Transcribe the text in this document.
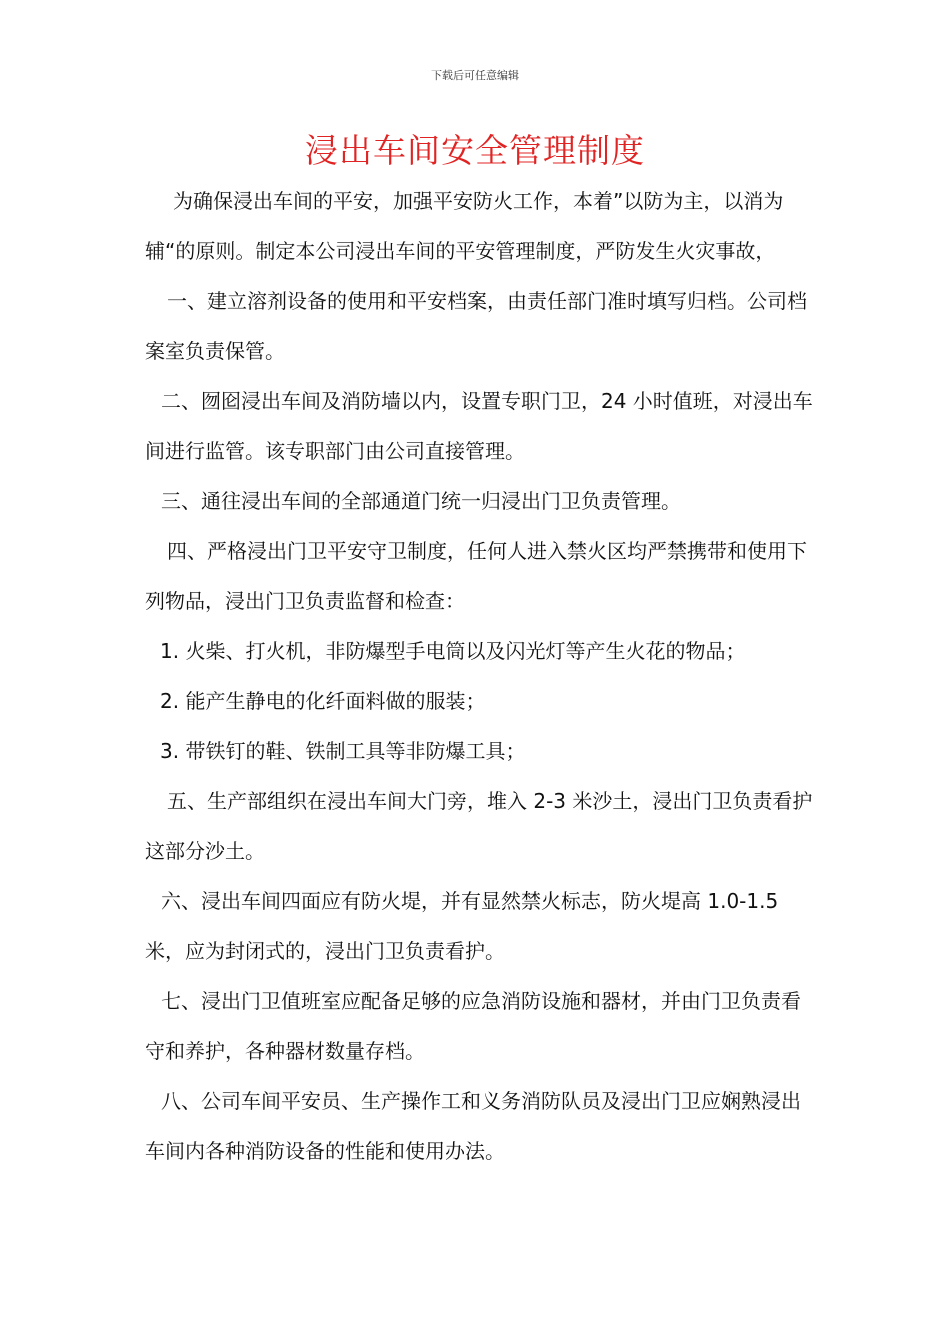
下载后可任意编辑
浸出车间安全管理制度

为确保浸出车间的平安，加强平安防火工作，本着”以防为主，以消为辅“的原则。制定本公司浸出车间的平安管理制度，严防发生火灾事故，

一、建立溶剂设备的使用和平安档案，由责任部门准时填写归档。公司档案室负责保管。

二、囫囵浸出车间及消防墙以内，设置专职门卫，24 小时值班，对浸出车间进行监管。该专职部门由公司直接管理。

三、通往浸出车间的全部通道门统一归浸出门卫负责管理。

四、严格浸出门卫平安守卫制度，任何人进入禁火区均严禁携带和使用下列物品，浸出门卫负责监督和检查：

1. 火柴、打火机，非防爆型手电筒以及闪光灯等产生火花的物品；

2. 能产生静电的化纤面料做的服装；

3. 带铁钉的鞋、铁制工具等非防爆工具；

五、生产部组织在浸出车间大门旁，堆入 2-3 米沙土，浸出门卫负责看护这部分沙土。

六、浸出车间四面应有防火堤，并有显然禁火标志，防火堤高 1.0-1.5 米，应为封闭式的，浸出门卫负责看护。

七、浸出门卫值班室应配备足够的应急消防设施和器材，并由门卫负责看守和养护，各种器材数量存档。

八、公司车间平安员、生产操作工和义务消防队员及浸出门卫应娴熟浸出车间内各种消防设备的性能和使用办法。
